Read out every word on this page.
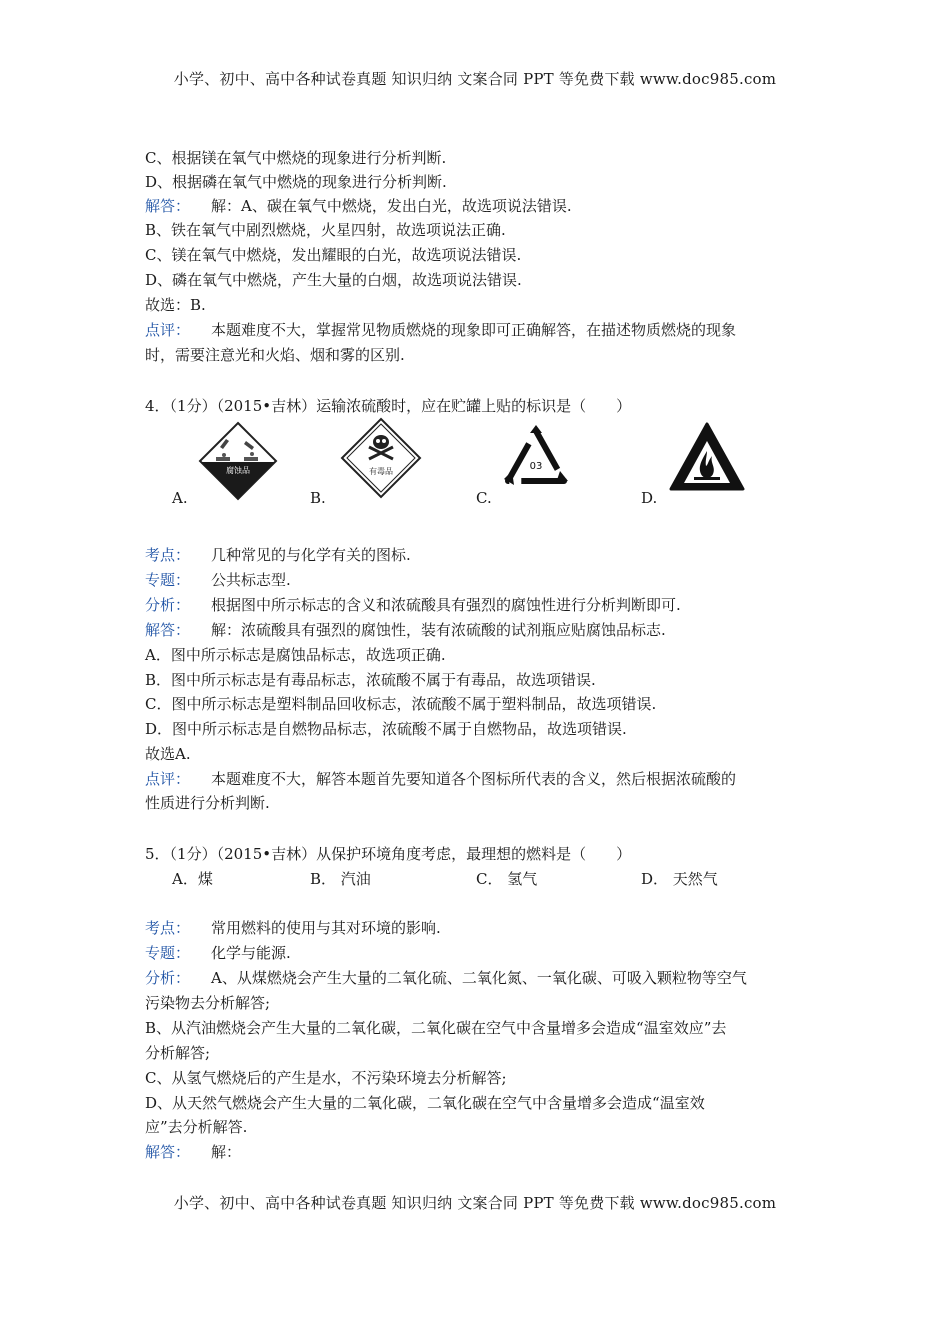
小学、初中、高中各种试卷真题 知识归纳 文案合同 PPT 等免费下载 www.doc985.com
C、根据镁在氧气中燃烧的现象进行分析判断.
D、根据磷在氧气中燃烧的现象进行分析判断.
解答： 解：A、碳在氧气中燃烧，发出白光，故选项说法错误.
B、铁在氧气中剧烈燃烧，火星四射，故选项说法正确.
C、镁在氧气中燃烧，发出耀眼的白光，故选项说法错误.
D、磷在氧气中燃烧，产生大量的白烟，故选项说法错误.
故选：B.
点评： 本题难度不大，掌握常见物质燃烧的现象即可正确解答，在描述物质燃烧的现象
时，需要注意光和火焰、烟和雾的区别.
4．（1分）（2015•吉林）运输浓硫酸时，应在贮罐上贴的标识是（　　）
腐蚀品	有毒品	03
A.	B.	C.	D.
考点： 几种常见的与化学有关的图标.
专题： 公共标志型.
分析： 根据图中所示标志的含义和浓硫酸具有强烈的腐蚀性进行分析判断即可.
解答： 解：浓硫酸具有强烈的腐蚀性，装有浓硫酸的试剂瓶应贴腐蚀品标志.
A．图中所示标志是腐蚀品标志，故选项正确.
B．图中所示标志是有毒品标志，浓硫酸不属于有毒品，故选项错误.
C．图中所示标志是塑料制品回收标志，浓硫酸不属于塑料制品，故选项错误.
D．图中所示标志是自燃物品标志，浓硫酸不属于自燃物品，故选项错误.
故选A.
点评： 本题难度不大，解答本题首先要知道各个图标所代表的含义，然后根据浓硫酸的
性质进行分析判断.
5．（1分）（2015•吉林）从保护环境角度考虑，最理想的燃料是（　　）
A．煤	B． 汽油	C． 氢气	D． 天然气
考点： 常用燃料的使用与其对环境的影响.
专题： 化学与能源.
分析： A、从煤燃烧会产生大量的二氧化硫、二氧化氮、一氧化碳、可吸入颗粒物等空气
污染物去分析解答;
B、从汽油燃烧会产生大量的二氧化碳，二氧化碳在空气中含量增多会造成“温室效应”去
分析解答;
C、从氢气燃烧后的产生是水，不污染环境去分析解答;
D、从天然气燃烧会产生大量的二氧化碳，二氧化碳在空气中含量增多会造成“温室效
应”去分析解答.
解答： 解：
小学、初中、高中各种试卷真题 知识归纳 文案合同 PPT 等免费下载 www.doc985.com
